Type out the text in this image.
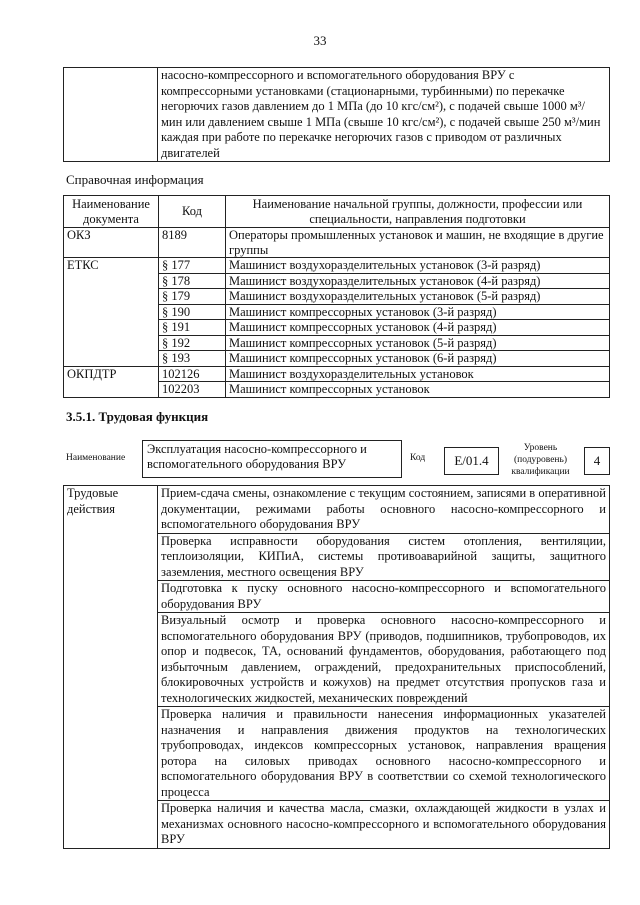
33
	насосно-компрессорного и вспомогательного оборудования ВРУ с компрессорными установками (стационарными, турбинными) по перекачке негорючих газов давлением до 1 МПа (до 10 кгс/см²), с подачей свыше 1000 м³/мин или давлением свыше 1 МПа (свыше 10 кгс/см²), с подачей свыше 250 м³/мин каждая при работе по перекачке негорючих газов с приводом от различных двигателей
Справочная информация
Наименование документа	Код	Наименование начальной группы, должности, профессии или специальности, направления подготовки
ОКЗ	8189	Операторы промышленных установок и машин, не входящие в другие группы
ЕТКС	§ 177	Машинист воздухоразделительных установок (3-й разряд)
	§ 178	Машинист воздухоразделительных установок (4-й разряд)
	§ 179	Машинист воздухоразделительных установок (5-й разряд)
	§ 190	Машинист компрессорных установок (3-й разряд)
	§ 191	Машинист компрессорных установок (4-й разряд)
	§ 192	Машинист компрессорных установок (5-й разряд)
	§ 193	Машинист компрессорных установок (6-й разряд)
ОКПДТР	102126	Машинист воздухоразделительных установок
	102203	Машинист компрессорных установок
3.5.1. Трудовая функция
Наименование
Эксплуатация насосно-компрессорного и вспомогательного оборудования ВРУ	Код	E/01.4
Уровень (подуровень) квалификации
4
Трудовые действия	Прием-сдача смены, ознакомление с текущим состоянием, записями в оперативной документации, режимами работы основного насосно-компрессорного и вспомогательного оборудования ВРУ
Проверка исправности оборудования систем отопления, вентиляции, теплоизоляции, КИПиА, системы противоаварийной защиты, защитного заземления, местного освещения ВРУ
Подготовка к пуску основного насосно-компрессорного и вспомогательного оборудования ВРУ
Визуальный осмотр и проверка основного насосно-компрессорного и вспомогательного оборудования ВРУ (приводов, подшипников, трубопроводов, их опор и подвесок, ТА, оснований фундаментов, оборудования, работающего под избыточным давлением, ограждений, предохранительных приспособлений, блокировочных устройств и кожухов) на предмет отсутствия пропусков газа и технологических жидкостей, механических повреждений
Проверка наличия и правильности нанесения информационных указателей назначения и направления движения продуктов на технологических трубопроводах, индексов компрессорных установок, направления вращения ротора на силовых приводах основного насосно-компрессорного и вспомогательного оборудования ВРУ в соответствии со схемой технологического процесса
Проверка наличия и качества масла, смазки, охлаждающей жидкости в узлах и механизмах основного насосно-компрессорного и вспомогательного оборудования ВРУ
